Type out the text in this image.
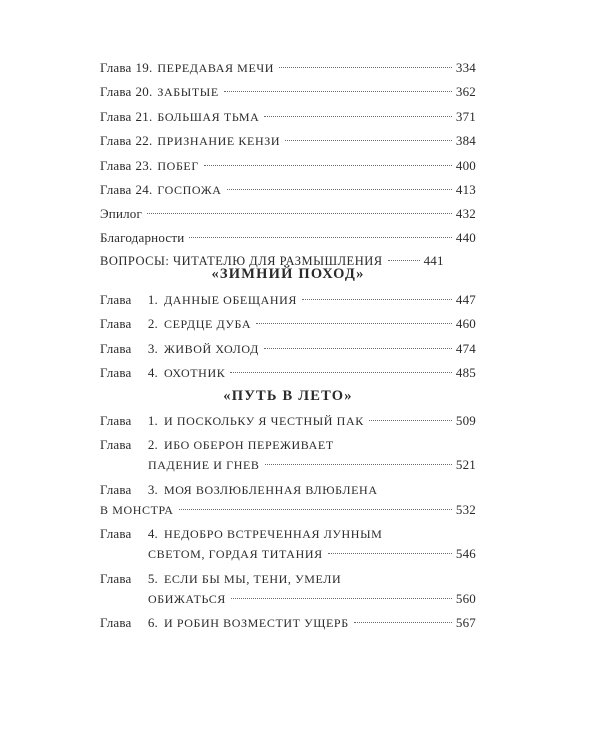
Глава 19. ПЕРЕДАВАЯ МЕЧИ	334
Глава 20. ЗАБЫТЫЕ	362
Глава 21. БОЛЬШАЯ ТЬМА	371
Глава 22. ПРИЗНАНИЕ КЕНЗИ	384
Глава 23. ПОБЕГ	400
Глава 24. ГОСПОЖА	413
Эпилог	432
Благодарности	440
ВОПРОСЫ: ЧИТАТЕЛЮ ДЛЯ РАЗМЫШЛЕНИЯ	441
«ЗИМНИЙ ПОХОД»
Глава 1. ДАННЫЕ ОБЕЩАНИЯ	447
Глава 2. СЕРДЦЕ ДУБА	460
Глава 3. ЖИВОЙ ХОЛОД	474
Глава 4. ОХОТНИК	485
«ПУТЬ В ЛЕТО»
Глава 1. И ПОСКОЛЬКУ Я ЧЕСТНЫЙ ПАК	509
Глава 2. ИБО ОБЕРОН ПЕРЕЖИВАЕТ
ПАДЕНИЕ И ГНЕВ	521
Глава 3. МОЯ ВОЗЛЮБЛЕННАЯ ВЛЮБЛЕНА
В МОНСТРА	532
Глава 4. НЕДОБРО ВСТРЕЧЕННАЯ ЛУННЫМ
СВЕТОМ, ГОРДАЯ ТИТАНИЯ	546
Глава 5. ЕСЛИ БЫ МЫ, ТЕНИ, УМЕЛИ
ОБИЖАТЬСЯ	560
Глава 6. И РОБИН ВОЗМЕСТИТ УЩЕРБ	567
